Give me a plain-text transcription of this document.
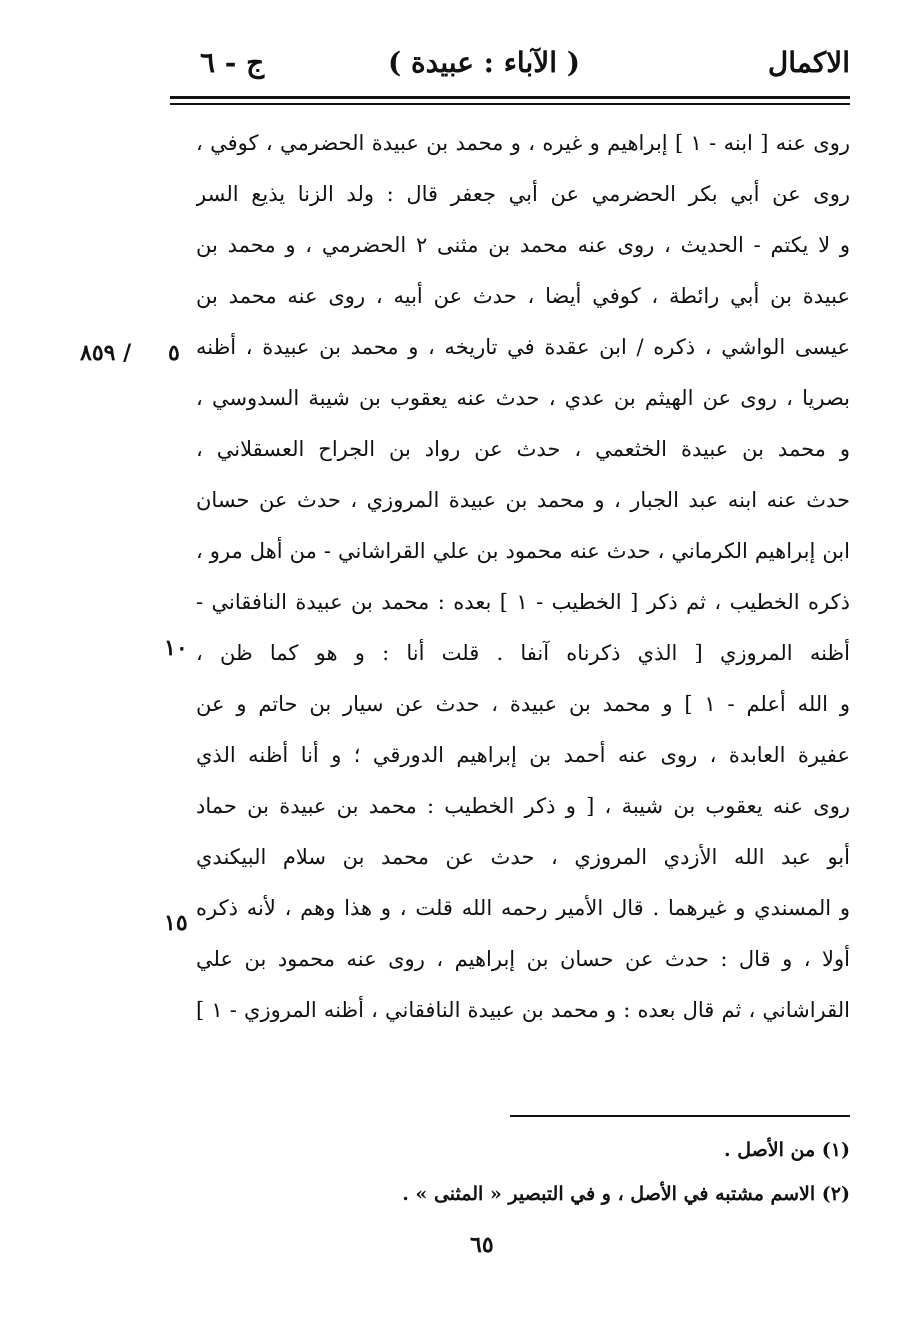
الاكمال
( الآباء : عبيدة )
ج - ٦
روى عنه [ ابنه - ١ ] إبراهيم و غيره ، و محمد بن عبيدة الحضرمي ، كوفي ،
روى عن أبي بكر الحضرمي عن أبي جعفر قال : ولد الزنا يذيع السر
و لا يكتم - الحديث ، روى عنه محمد بن مثنى ٢ الحضرمي ، و محمد بن
عبيدة بن أبي رائطة ، كوفي أيضا ، حدث عن أبيه ، روى عنه محمد بن
عيسى الواشي ، ذكره / ابن عقدة في تاريخه ، و محمد بن عبيدة ، أظنه
بصريا ، روى عن الهيثم بن عدي ، حدث عنه يعقوب بن شيبة السدوسي ،
و محمد بن عبيدة الخثعمي ، حدث عن رواد بن الجراح العسقلاني ،
حدث عنه ابنه عبد الجبار ، و محمد بن عبيدة المروزي ، حدث عن حسان
ابن إبراهيم الكرماني ، حدث عنه محمود بن علي القراشاني - من أهل مرو ،
ذكره الخطيب ، ثم ذكر [ الخطيب - ١ ] بعده : محمد بن عبيدة النافقاني -
أظنه المروزي [ الذي ذكرناه آنفا . قلت أنا : و هو كما ظن ،
و الله أعلم - ١ ] و محمد بن عبيدة ، حدث عن سيار بن حاتم و عن
عفيرة العابدة ، روى عنه أحمد بن إبراهيم الدورقي ؛ و أنا أظنه الذي
روى عنه يعقوب بن شيبة ، [ و ذكر الخطيب : محمد بن عبيدة بن حماد
أبو عبد الله الأزدي المروزي ، حدث عن محمد بن سلام البيكندي
و المسندي و غيرهما . قال الأمير رحمه الله قلت ، و هذا وهم ، لأنه ذكره
أولا ، و قال : حدث عن حسان بن إبراهيم ، روى عنه محمود بن علي
القراشاني ، ثم قال بعده : و محمد بن عبيدة النافقاني ، أظنه المروزي - ١ ]
٥
٨٥٩ /
١٠
١٥
(١) من الأصل .
(٢) الاسم مشتبه في الأصل ، و في التبصير « المثنى » .
٦٥
